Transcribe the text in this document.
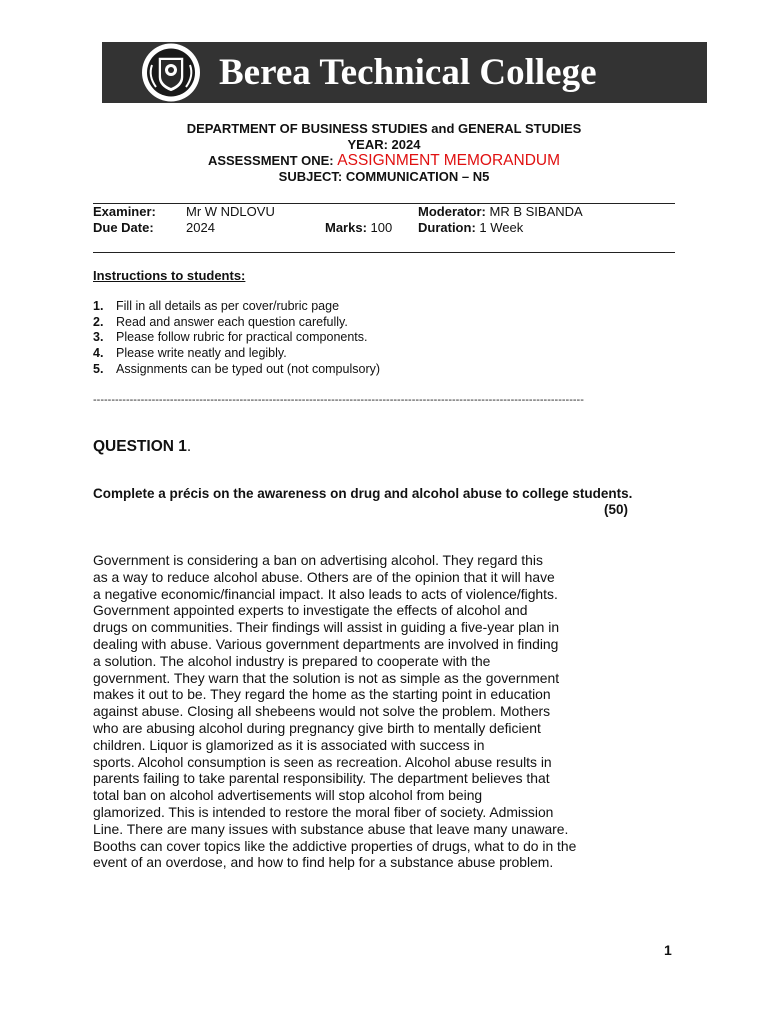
Berea Technical College
DEPARTMENT OF BUSINESS STUDIES and GENERAL STUDIES
YEAR: 2024
ASSESSMENT ONE: ASSIGNMENT MEMORANDUM
SUBJECT: COMMUNICATION – N5
Examiner: Mr W NDLOVU	Moderator: MR B SIBANDA
Due Date: 2024	Marks: 100 Duration: 1 Week
Instructions to students:
1. Fill in all details as per cover/rubric page
2. Read and answer each question carefully.
3. Please follow rubric for practical components.
4. Please write neatly and legibly.
5. Assignments can be typed out (not compulsory)
--------------------------------------------------------------------------------------------------------------------------------------
QUESTION 1.
Complete a précis on the awareness on drug and alcohol abuse to college students.
(50)
Government is considering a ban on advertising alcohol. They regard this
as a way to reduce alcohol abuse. Others are of the opinion that it will have
a negative economic/financial impact. It also leads to acts of violence/fights.
Government appointed experts to investigate the effects of alcohol and
drugs on communities. Their findings will assist in guiding a five-year plan in
dealing with abuse. Various government departments are involved in finding
a solution. The alcohol industry is prepared to cooperate with the
government. They warn that the solution is not as simple as the government
makes it out to be. They regard the home as the starting point in education
against abuse. Closing all shebeens would not solve the problem. Mothers
who are abusing alcohol during pregnancy give birth to mentally deficient
children. Liquor is glamorized as it is associated with success in
sports. Alcohol consumption is seen as recreation. Alcohol abuse results in
parents failing to take parental responsibility. The department believes that
total ban on alcohol advertisements will stop alcohol from being
glamorized. This is intended to restore the moral fiber of society. Admission
Line. There are many issues with substance abuse that leave many unaware.
Booths can cover topics like the addictive properties of drugs, what to do in the
event of an overdose, and how to find help for a substance abuse problem.
1
